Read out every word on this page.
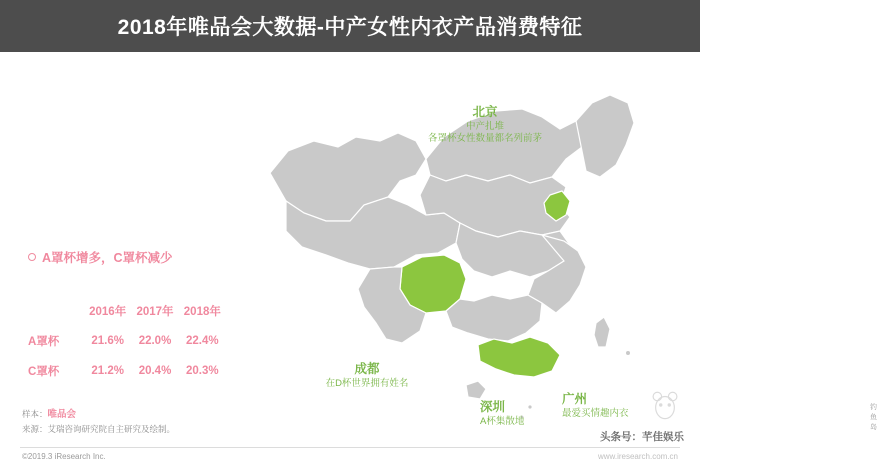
2018年唯品会大数据-中产女性内衣产品消费特征
钓鱼岛
北京
中产扎堆
各罩杯女性数量都名列前茅
成都
在D杯世界拥有姓名
深圳
A杯集散地
广州
最爱买情趣内衣
A罩杯增多，C罩杯减少
	2016年	2017年	2018年
A罩杯	21.6%	22.0%	22.4%
C罩杯	21.2%	20.4%	20.3%
样本：唯品会
来源：艾瑞咨询研究院自主研究及绘制。
©2019.3 iResearch Inc.	www.iresearch.com.cn
头条号：芊佳娱乐
